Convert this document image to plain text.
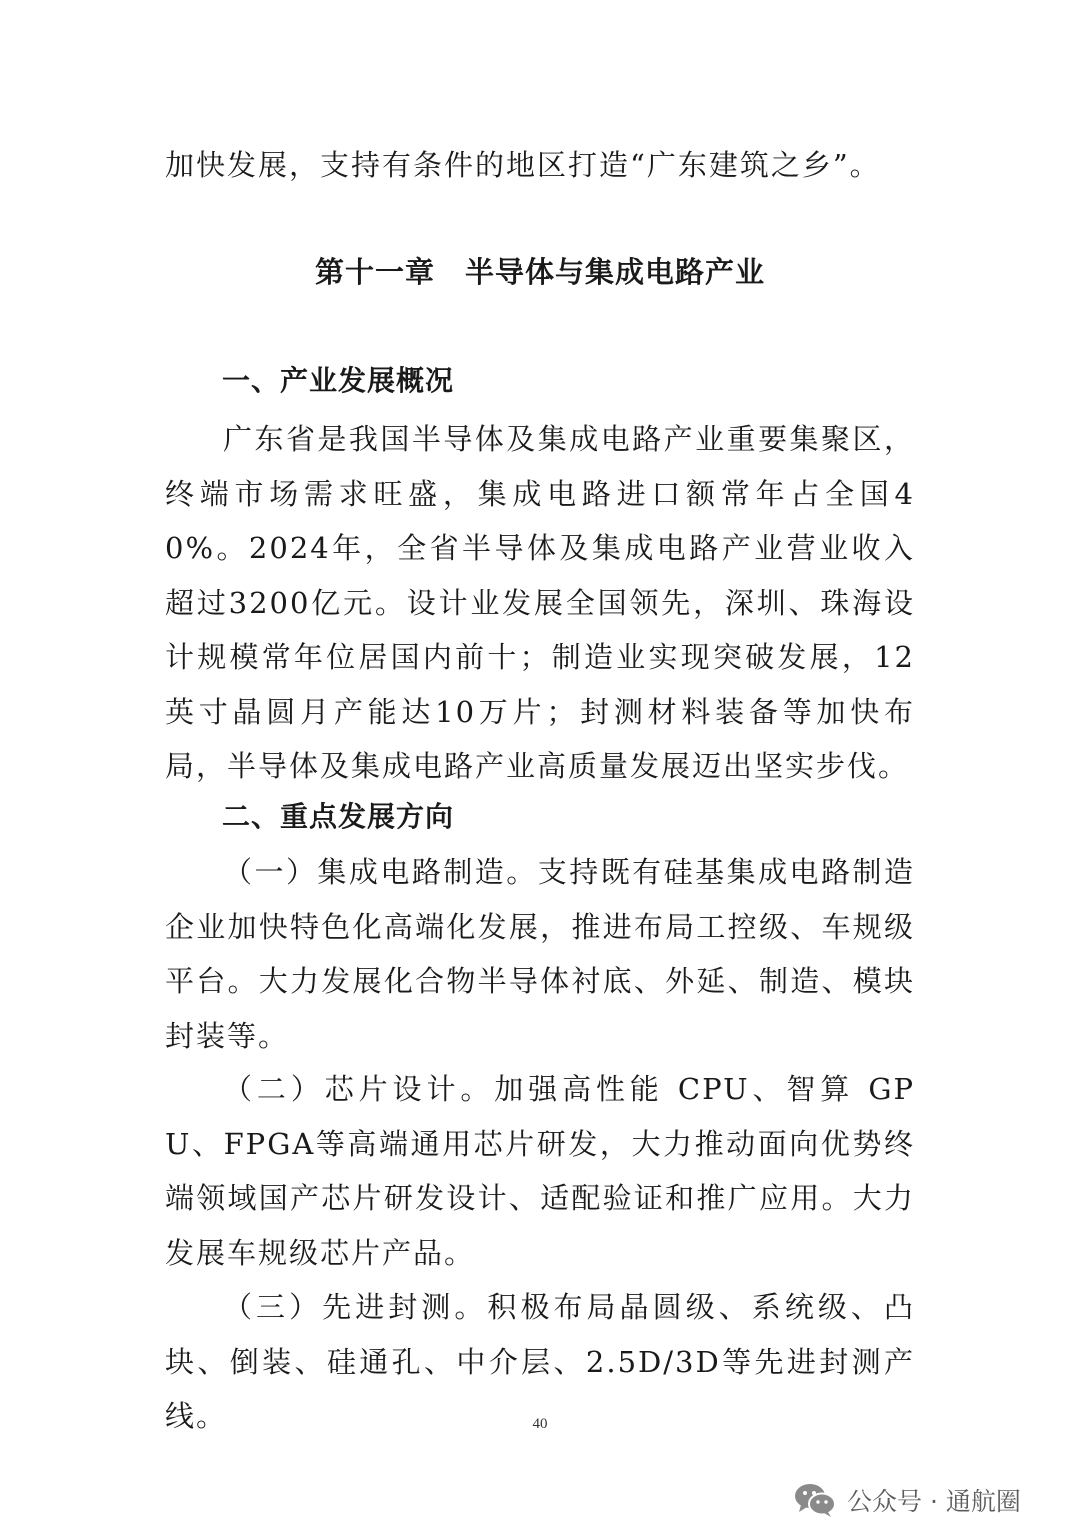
加快发展，支持有条件的地区打造“广东建筑之乡”。
第十一章 半导体与集成电路产业
一、产业发展概况
广东省是我国半导体及集成电路产业重要集聚区，终端市场需求旺盛，集成电路进口额常年占全国40%。2024年，全省半导体及集成电路产业营业收入超过3200亿元。设计业发展全国领先，深圳、珠海设计规模常年位居国内前十；制造业实现突破发展，12英寸晶圆月产能达10万片；封测材料装备等加快布局，半导体及集成电路产业高质量发展迈出坚实步伐。
二、重点发展方向
（一）集成电路制造。支持既有硅基集成电路制造企业加快特色化高端化发展，推进布局工控级、车规级平台。大力发展化合物半导体衬底、外延、制造、模块封装等。
（二）芯片设计。加强高性能 CPU、智算 GPU、FPGA等高端通用芯片研发，大力推动面向优势终端领域国产芯片研发设计、适配验证和推广应用。大力发展车规级芯片产品。
（三）先进封测。积极布局晶圆级、系统级、凸块、倒装、硅通孔、中介层、2.5D/3D等先进封测产线。	40
公众号 · 通航圈
